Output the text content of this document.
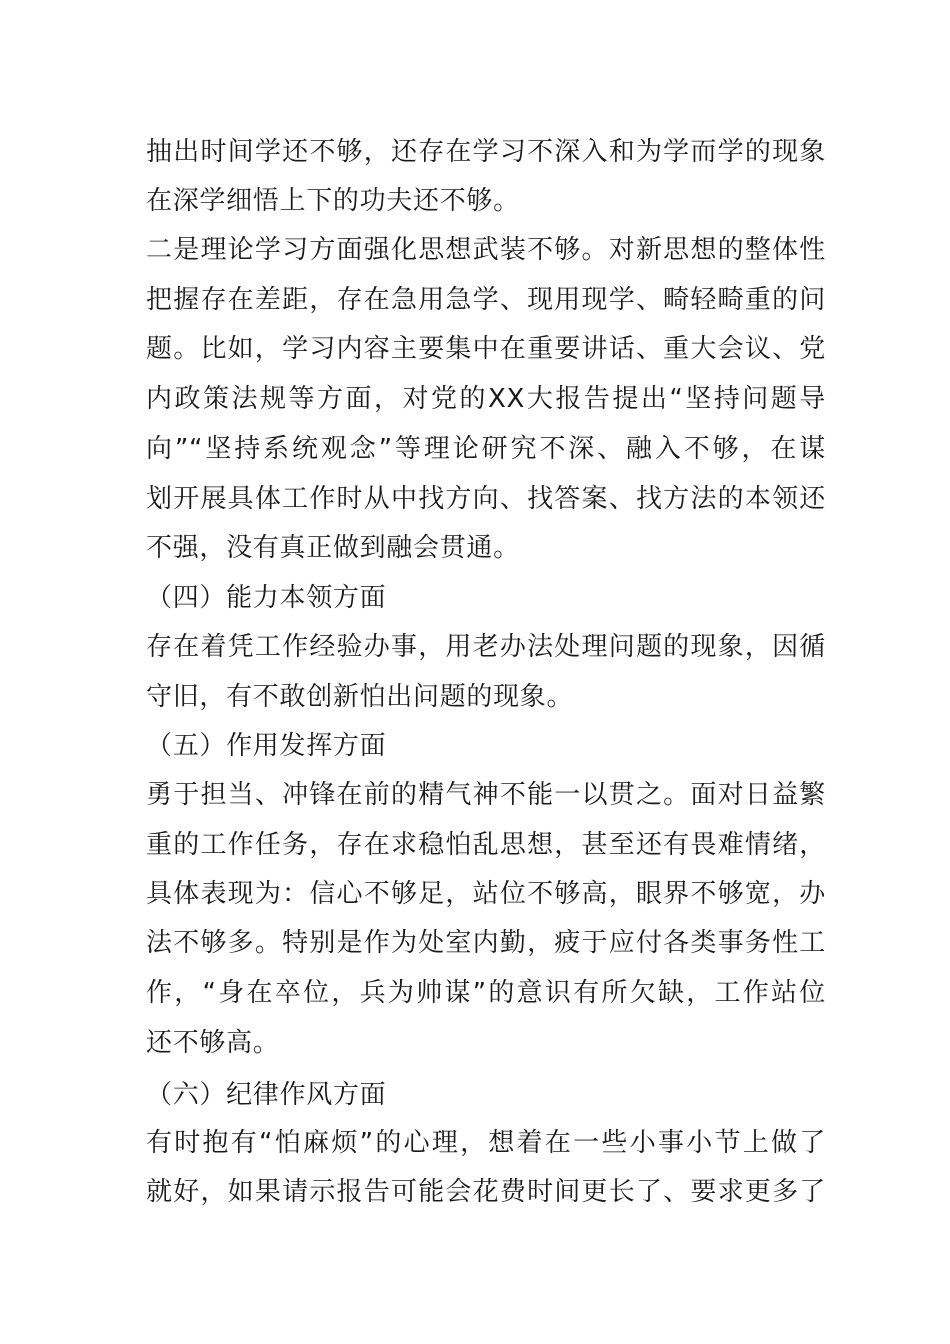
抽出时间学还不够，还存在学习不深入和为学而学的现象
在深学细悟上下的功夫还不够。
二是理论学习方面强化思想武装不够。对新思想的整体性
把握存在差距，存在急用急学、现用现学、畸轻畸重的问
题。比如，学习内容主要集中在重要讲话、重大会议、党
内政策法规等方面，对党的XX大报告提出“坚持问题导
向”“坚持系统观念”等理论研究不深、融入不够，在谋
划开展具体工作时从中找方向、找答案、找方法的本领还
不强，没有真正做到融会贯通。
（四）能力本领方面
存在着凭工作经验办事，用老办法处理问题的现象，因循
守旧，有不敢创新怕出问题的现象。
（五）作用发挥方面
勇于担当、冲锋在前的精气神不能一以贯之。面对日益繁
重的工作任务，存在求稳怕乱思想，甚至还有畏难情绪，
具体表现为：信心不够足，站位不够高，眼界不够宽，办
法不够多。特别是作为处室内勤，疲于应付各类事务性工
作，“身在卒位，兵为帅谋”的意识有所欠缺，工作站位
还不够高。
（六）纪律作风方面
有时抱有“怕麻烦”的心理，想着在一些小事小节上做了
就好，如果请示报告可能会花费时间更长了、要求更多了
